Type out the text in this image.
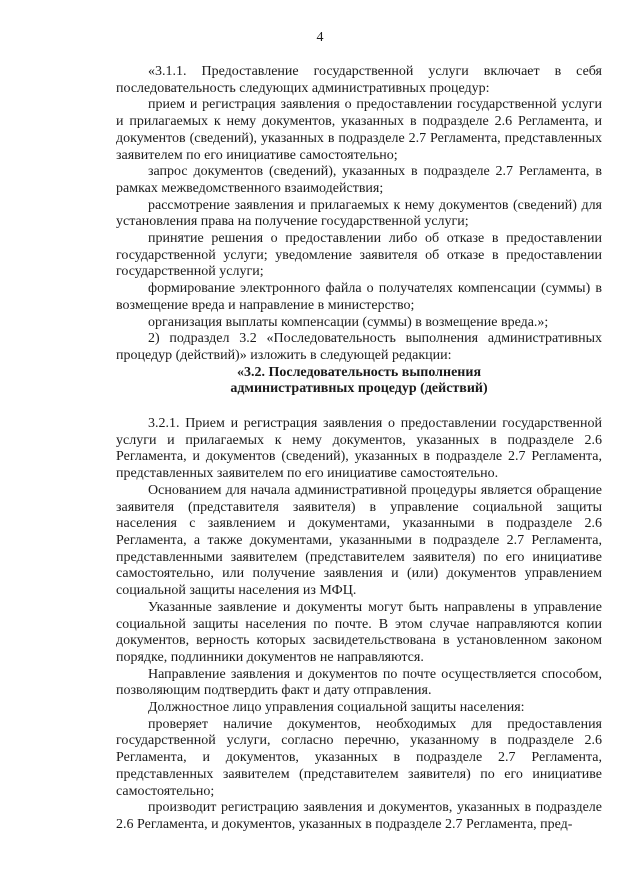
4

«3.1.1. Предоставление государственной услуги включает в себя последовательность следующих административных процедур:

прием и регистрация заявления о предоставлении государственной услуги и прилагаемых к нему документов, указанных в подразделе 2.6 Регламента, и документов (сведений), указанных в подразделе 2.7 Регламента, представленных заявителем по его инициативе самостоятельно;

запрос документов (сведений), указанных в подразделе 2.7 Регламента, в рамках межведомственного взаимодействия;

рассмотрение заявления и прилагаемых к нему документов (сведений) для установления права на получение государственной услуги;

принятие решения о предоставлении либо об отказе в предоставлении государственной услуги; уведомление заявителя об отказе в предоставлении государственной услуги;

формирование электронного файла о получателях компенсации (суммы) в возмещение вреда и направление в министерство;

организация выплаты компенсации (суммы) в возмещение вреда.»;

2) подраздел 3.2 «Последовательность выполнения административных процедур (действий)» изложить в следующей редакции:

«3.2. Последовательность выполнения
административных процедур (действий)

3.2.1. Прием и регистрация заявления о предоставлении государственной услуги и прилагаемых к нему документов, указанных в подразделе 2.6 Регламента, и документов (сведений), указанных в подразделе 2.7 Регламента, представленных заявителем по его инициативе самостоятельно.

Основанием для начала административной процедуры является обращение заявителя (представителя заявителя) в управление социальной защиты населения с заявлением и документами, указанными в подразделе 2.6 Регламента, а также документами, указанными в подразделе 2.7 Регламента, представленными заявителем (представителем заявителя) по его инициативе самостоятельно, или получение заявления и (или) документов управлением социальной защиты населения из МФЦ.

Указанные заявление и документы могут быть направлены в управление социальной защиты населения по почте. В этом случае направляются копии документов, верность которых засвидетельствована в установленном законом порядке, подлинники документов не направляются.

Направление заявления и документов по почте осуществляется способом, позволяющим подтвердить факт и дату отправления.

Должностное лицо управления социальной защиты населения:

проверяет наличие документов, необходимых для предоставления государственной услуги, согласно перечню, указанному в подразделе 2.6 Регламента, и документов, указанных в подразделе 2.7 Регламента, представленных заявителем (представителем заявителя) по его инициативе самостоятельно;

производит регистрацию заявления и документов, указанных в подразделе 2.6 Регламента, и документов, указанных в подразделе 2.7 Регламента, пред-
